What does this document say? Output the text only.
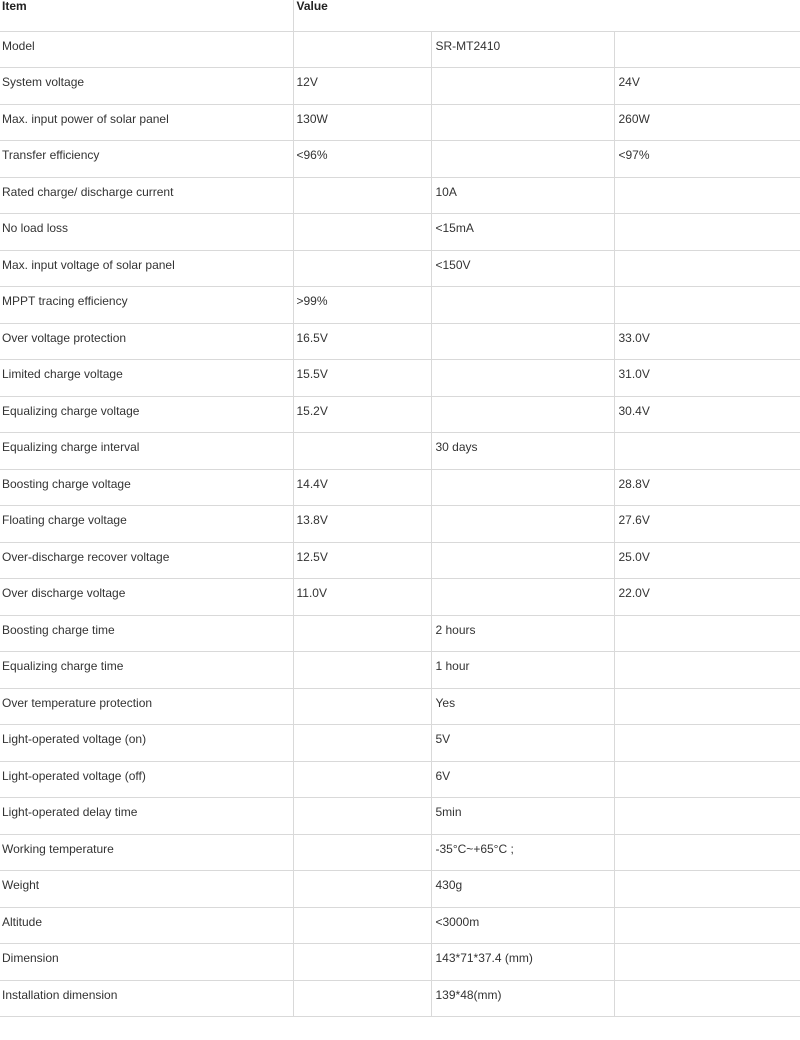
Item	Value		
Model		SR-MT2410	
System voltage	12V		24V
Max. input power of solar panel	130W		260W
Transfer efficiency	<96%		<97%
Rated charge/ discharge current		10A	
No load loss		<15mA	
Max. input voltage of solar panel		<150V	
MPPT tracing efficiency	>99%		
Over voltage protection	16.5V		33.0V
Limited charge voltage	15.5V		31.0V
Equalizing charge voltage	15.2V		30.4V
Equalizing charge interval		30 days	
Boosting charge voltage	14.4V		28.8V
Floating charge voltage	13.8V		27.6V
Over-discharge recover voltage	12.5V		25.0V
Over discharge voltage	11.0V		22.0V
Boosting charge time		2 hours	
Equalizing charge time		1 hour	
Over temperature protection		Yes	
Light-operated voltage (on)		5V	
Light-operated voltage (off)		6V	
Light-operated delay time		5min	
Working temperature		-35°C~+65°C ;	
Weight		430g	
Altitude		<3000m	
Dimension		143*71*37.4 (mm)	
Installation dimension		139*48(mm)	
